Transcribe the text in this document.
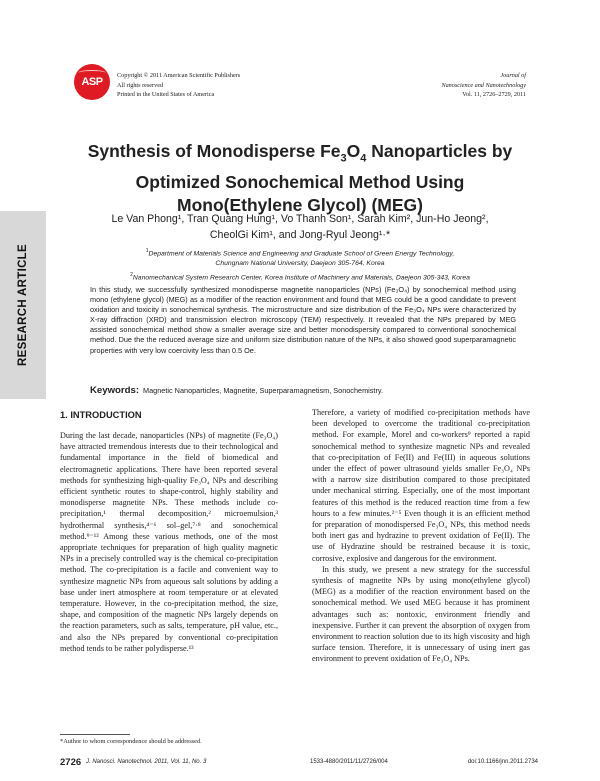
ASP
Copyright © 2011 American Scientific Publishers
All rights reserved
Printed in the United States of America
Journal of
Nanoscience and Nanotechnology
Vol. 11, 2726–2729, 2011
RESEARCH ARTICLE
Synthesis of Monodisperse $Fe_3O_4$ Nanoparticles by
Optimized Sonochemical Method Using
Mono(Ethylene Glycol) (MEG)
Le Van Phong¹, Tran Quang Hung¹, Vo Thanh Son¹, Sarah Kim², Jun-Ho Jeong²,
CheolGi Kim¹, and Jong-Ryul Jeong¹·*
$^1$Department of Materials Science and Engineering and Graduate School of Green Energy Technology,
Chungnam National University, Daejeon 305-764, Korea
$^2$Nanomechanical System Research Center, Korea Institute of Machinery and Materials, Daejeon 305-343, Korea
In this study, we successfully synthesized monodisperse magnetite nanoparticles (NPs) (Fe₃O₄) by sonochemical method using mono (ethylene glycol) (MEG) as a modifier of the reaction environment and found that MEG could be a good candidate to prevent oxidation and toxicity in sonochemical synthesis. The microstructure and size distribution of the Fe₃O₄ NPs were characterized by X-ray diffraction (XRD) and transmission electron microscopy (TEM) respectively. It revealed that the NPs prepared by MEG assisted sonochemical method show a smaller average size and better monodispersity compared to conventional sonochemical method. Due the the reduced average size and uniform size distribution nature of the NPs, it also showed good superparamagnetic properties with very low coercivity less than 0.5 Oe.
Keywords: Magnetic Nanoparticles, Magnetite, Superparamagnetism, Sonochemistry.
1. INTRODUCTION

During the last decade, nanoparticles (NPs) of magnetite (Fe₃O₄) have attracted tremendous interests due to their technological and fundamental importance in the field of biomedical and electromagnetic applications. There have been reported several methods for synthesizing high-quality Fe₃O₄ NPs and describing efficient synthetic routes to shape-control, highly stability and monodisperse magnetite NPs. These methods include co-precipitation,¹ thermal decomposition,² microemulsion,³ hydrothermal synthesis,⁴⁻⁶ sol–gel,⁷·⁸ and sonochemical method.⁹⁻¹² Among these various methods, one of the most appropriate techniques for preparation of high quality magnetic NPs in a precisely controlled way is the chemical co-precipitation method. The co-precipitation is a facile and convenient way to synthesize magnetic NPs from aqueous salt solutions by adding a base under inert atmosphere at room temperature or at elevated temperature. However, in the co-precipitation method, the size, shape, and composition of the magnetic NPs largely depends on the reaction parameters, such as salts, temperature, pH value, etc., and also the NPs prepared by conventional co-precipitation method tends to be rather polydisperse.¹³

Therefore, a variety of modified co-precipitation methods have been developed to overcome the traditional co-precipitation method. For example, Morel and co-workers⁹ reported a rapid sonochemical method to synthesize magnetic NPs and revealed that co-precipitation of Fe(II) and Fe(III) in aqueous solutions under the effect of power ultrasound yields smaller Fe₃O₄ NPs with a narrow size distribution compared to those precipitated under mechanical stirring. Especially, one of the most important features of this method is the reduced reaction time from a few hours to a few minutes.²⁻⁵ Even though it is an efficient method for preparation of monodispersed Fe₃O₄ NPs, this method needs both inert gas and hydrazine to prevent oxidation of Fe(II). The use of Hydrazine should be restrained because it is toxic, corrosive, explosive and dangerous for the environment.

In this study, we present a new strategy for the successful synthesis of magnetite NPs by using mono(ethylene glycol) (MEG) as a modifier of the reaction environment based on the sonochemical method. We used MEG because it has prominent advantages such as: nontoxic, environment friendly and inexpensive. Further it can prevent the absorption of oxygen from environment to reaction solution due to its high viscosity and high surface tension. Therefore, it is unnecessary of using inert gas environment to prevent oxidation of Fe₃O₄ NPs.

*Author to whom correspondence should be addressed.
2726 J. Nanosci. Nanotechnol. 2011, Vol. 11, No. 3	1533-4880/2011/11/2726/004	doi:10.1166/jnn.2011.2734
